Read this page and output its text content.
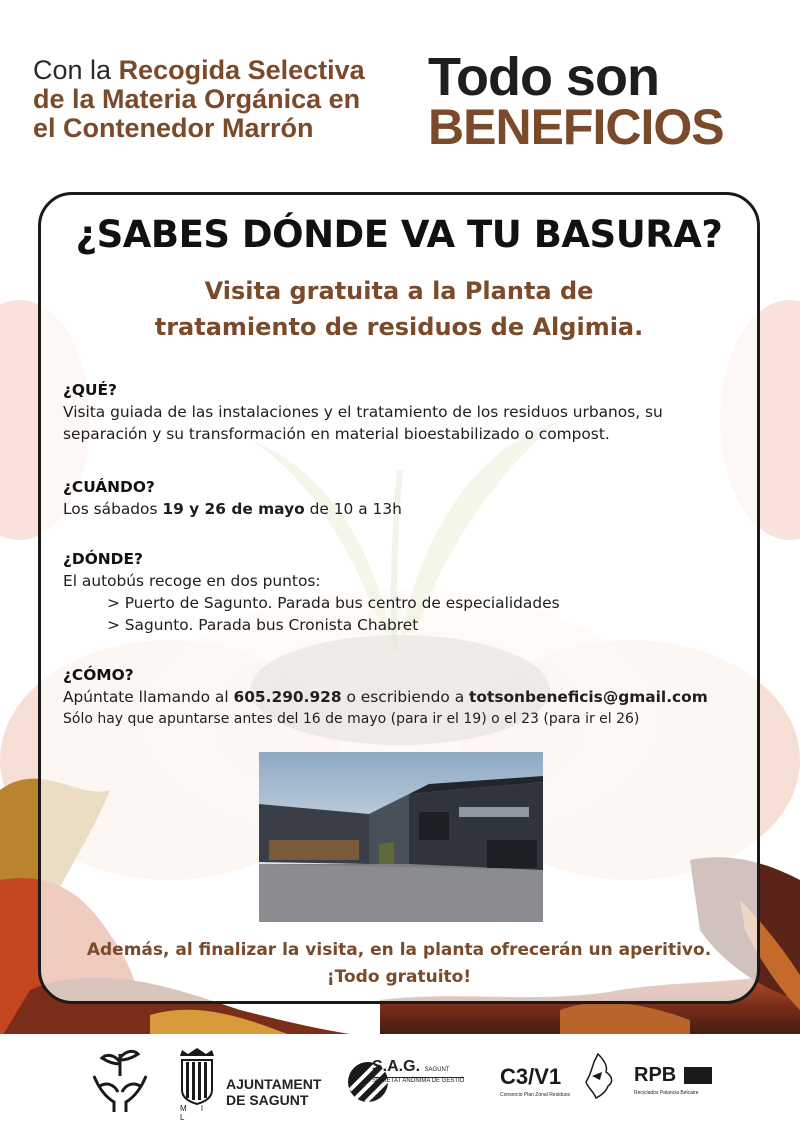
Con la Recogida Selectiva
de la Materia Orgánica en
el Contenedor Marrón
Todo son
BENEFICIOS
¿SABES DÓNDE VA TU BASURA?
Visita gratuita a la Planta de
tratamiento de residuos de Algimia.
¿QUÉ?
Visita guiada de las instalaciones y el tratamiento de los residuos urbanos, su
separación y su transformación en material bioestabilizado o compost.
¿CUÁNDO?
Los sábados 19 y 26 de mayo de 10 a 13h
¿DÓNDE?
El autobús recoge en dos puntos:
> Puerto de Sagunto. Parada bus centro de especialidades
> Sagunto. Parada bus Cronista Chabret
¿CÓMO?
Apúntate llamando al 605.290.928 o escribiendo a totsonbeneficis@gmail.com
Sólo hay que apuntarse antes del 16 de mayo (para ir el 19) o el 23 (para ir el 26)
Además, al finalizar la visita, en la planta ofrecerán un aperitivo.
¡Todo gratuito!
M I L
AJUNTAMENT
DE SAGUNT
S.A.G. SAGUNT
SOCIETAT ANÒNIMA DE GESTIÓ C3/V1
Consorcio Plan Zonal Residuos
RPB
Reciclados Palancia Belcaire
